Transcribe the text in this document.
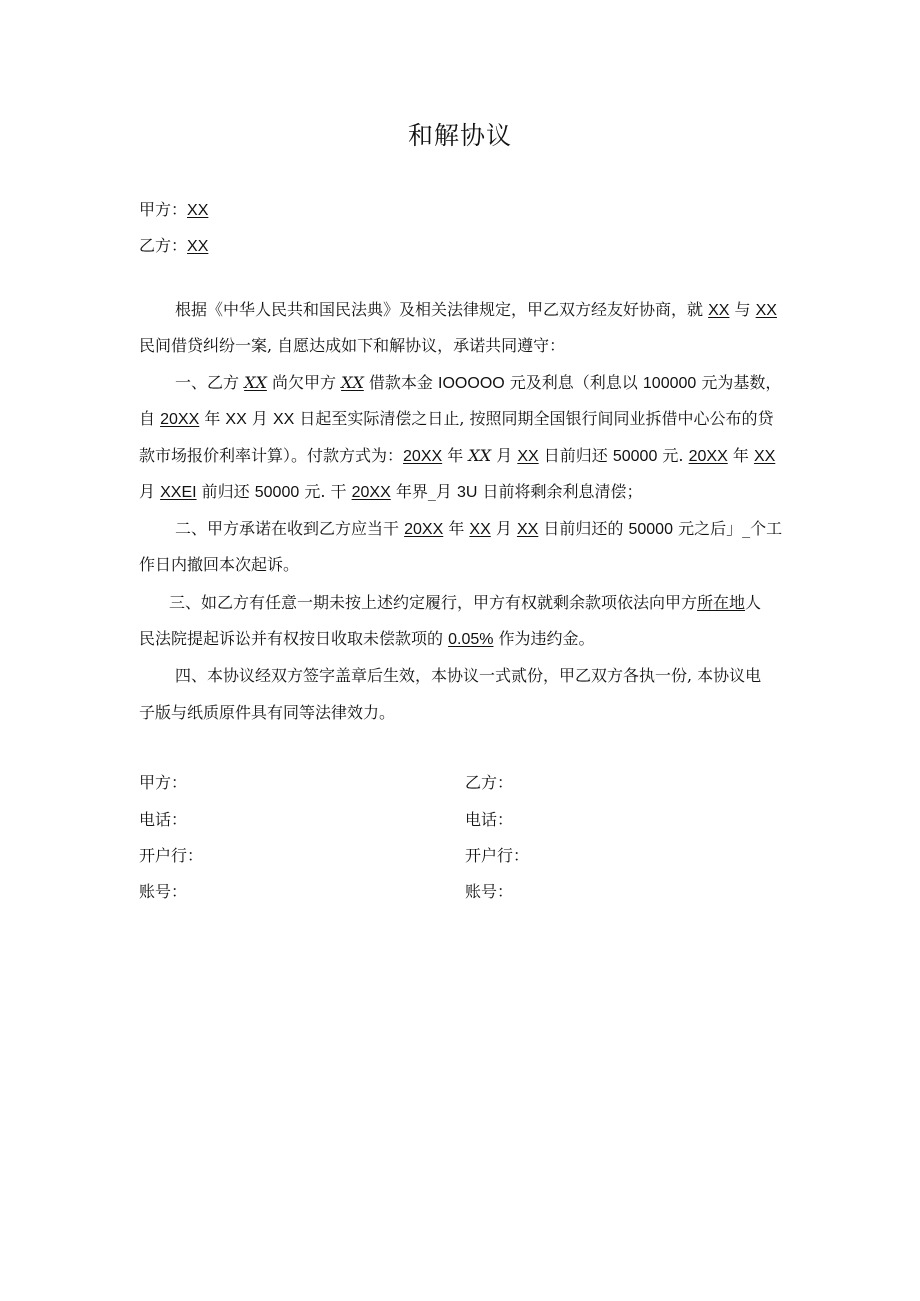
和解协议
甲方：XX
乙方：XX
根据《中华人民共和国民法典》及相关法律规定，甲乙双方经友好协商，就 XX 与 XX
民间借贷纠纷一案, 自愿达成如下和解协议，承诺共同遵守：
一、乙方 XX 尚欠甲方 XX 借款本金 IOOOOO 元及利息（利息以 100000 元为基数，
自 20XX 年 XX 月 XX 日起至实际清偿之日止, 按照同期全国银行间同业拆借中心公布的贷
款市场报价利率计算）。付款方式为：20XX 年 XX 月 XX 日前归还 50000 元. 20XX 年 XX
月 XXEI 前归还 50000 元. 干 20XX 年界_月 3U 日前将剩余利息清偿；
二、甲方承诺在收到乙方应当干 20XX 年 XX 月 XX 日前归还的 50000 元之后」_个工
作日内撤回本次起诉。
三、如乙方有任意一期未按上述约定履行，甲方有权就剩余款项依法向甲方所在地人
民法院提起诉讼并有权按日收取未偿款项的 0.05% 作为违约金。
四、本协议经双方签字盖章后生效，本协议一式贰份，甲乙双方各执一份, 本协议电
子版与纸质原件具有同等法律效力。
甲方：	乙方：
电话：	电话：
开户行：	开户行：
账号：	账号：
